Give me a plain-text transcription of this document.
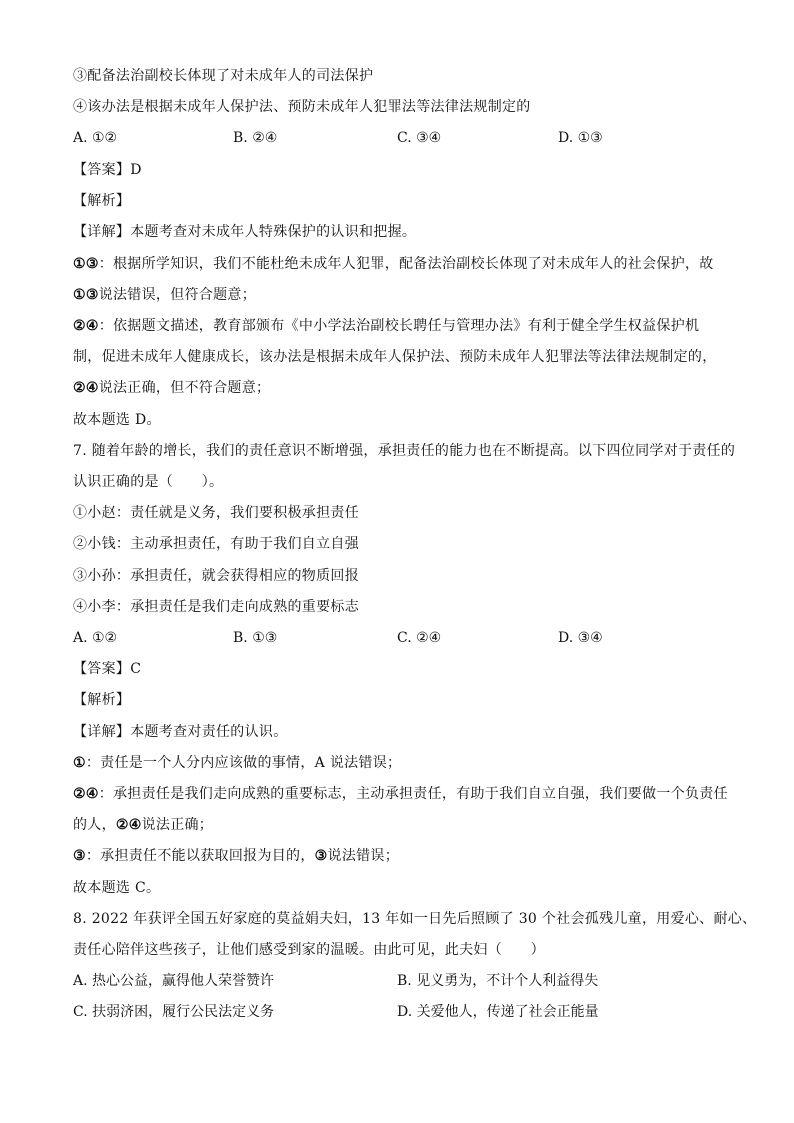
③配备法治副校长体现了对未成年人的司法保护
④该办法是根据未成年人保护法、预防未成年人犯罪法等法律法规制定的
A. ①②	B. ②④	C. ③④	D. ①③
【答案】D
【解析】
【详解】本题考查对未成年人特殊保护的认识和把握。
①③：根据所学知识，我们不能杜绝未成年人犯罪，配备法治副校长体现了对未成年人的社会保护，故
①③说法错误，但符合题意；
②④：依据题文描述，教育部颁布《中小学法治副校长聘任与管理办法》有利于健全学生权益保护机
制，促进未成年人健康成长，该办法是根据未成年人保护法、预防未成年人犯罪法等法律法规制定的，
②④说法正确，但不符合题意；
故本题选 D。
7. 随着年龄的增长，我们的责任意识不断增强，承担责任的能力也在不断提高。以下四位同学对于责任的
认识正确的是（　　）。
①小赵：责任就是义务，我们要积极承担责任
②小钱：主动承担责任，有助于我们自立自强
③小孙：承担责任，就会获得相应的物质回报
④小李：承担责任是我们走向成熟的重要标志
A. ①②	B. ①③	C. ②④	D. ③④
【答案】C
【解析】
【详解】本题考查对责任的认识。
①：责任是一个人分内应该做的事情，A 说法错误；
②④：承担责任是我们走向成熟的重要标志，主动承担责任，有助于我们自立自强，我们要做一个负责任
的人，②④说法正确；
③：承担责任不能以获取回报为目的，③说法错误；
故本题选 C。
8. 2022 年获评全国五好家庭的莫益娟夫妇，13 年如一日先后照顾了 30 个社会孤残儿童，用爱心、耐心、
责任心陪伴这些孩子，让他们感受到家的温暖。由此可见，此夫妇（　　）
A. 热心公益，赢得他人荣誉赞许	B. 见义勇为，不计个人利益得失
C. 扶弱济困，履行公民法定义务	D. 关爱他人，传递了社会正能量
